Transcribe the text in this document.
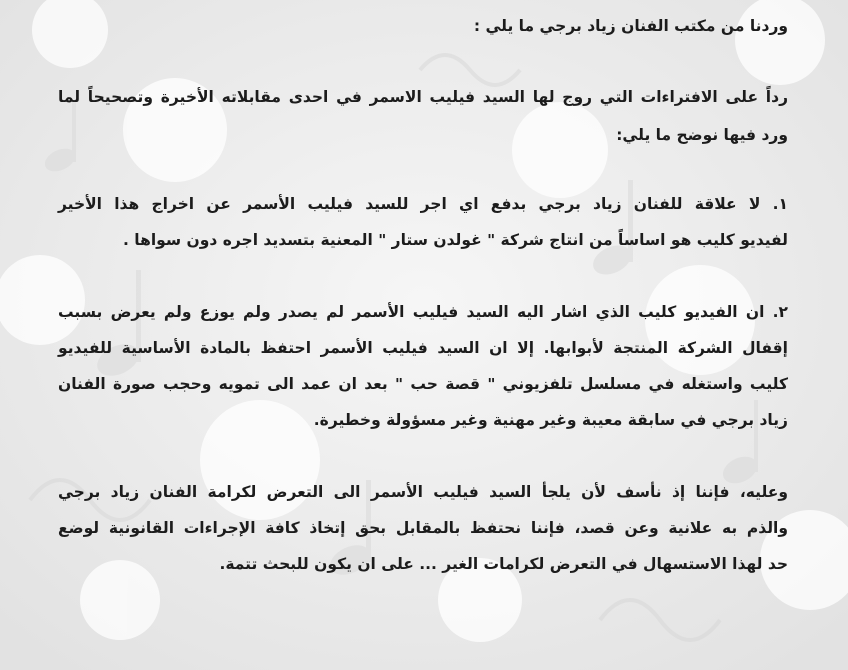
وردنا من مكتب الفنان زياد برجي ما يلي :
رداً على الافتراءات التي روج لها السيد فيليب الاسمر في احدى مقابلاته الأخيرة وتصحيحاً لما
ورد فيها نوضح ما يلي:
١. لا علاقة للفنان زياد برجي بدفع اي اجر للسيد فيليب الأسمر عن اخراج هذا الأخير
لفيديو كليب هو اساساً من انتاج شركة " غولدن ستار " المعنية بتسديد اجره دون سواها .
٢. ان الفيديو كليب الذي اشار اليه السيد فيليب الأسمر لم يصدر ولم يوزع ولم يعرض بسبب
إقفال الشركة المنتجة لأبوابها. إلا ان السيد فيليب الأسمر احتفظ بالمادة الأساسية للفيديو
كليب واستغله في مسلسل تلفزيوني " قصة حب " بعد ان عمد الى تمويه وحجب صورة الفنان
زياد برجي في سابقة معيبة وغير مهنية وغير مسؤولة وخطيرة.
وعليه، فإننا إذ نأسف لأن يلجأ السيد فيليب الأسمر الى التعرض لكرامة الفنان زياد برجي
والذم به علانية وعن قصد، فإننا نحتفظ بالمقابل بحق إتخاذ كافة الإجراءات القانونية لوضع
حد لهذا الاستسهال في التعرض لكرامات الغير ... على ان يكون للبحث تتمة.
